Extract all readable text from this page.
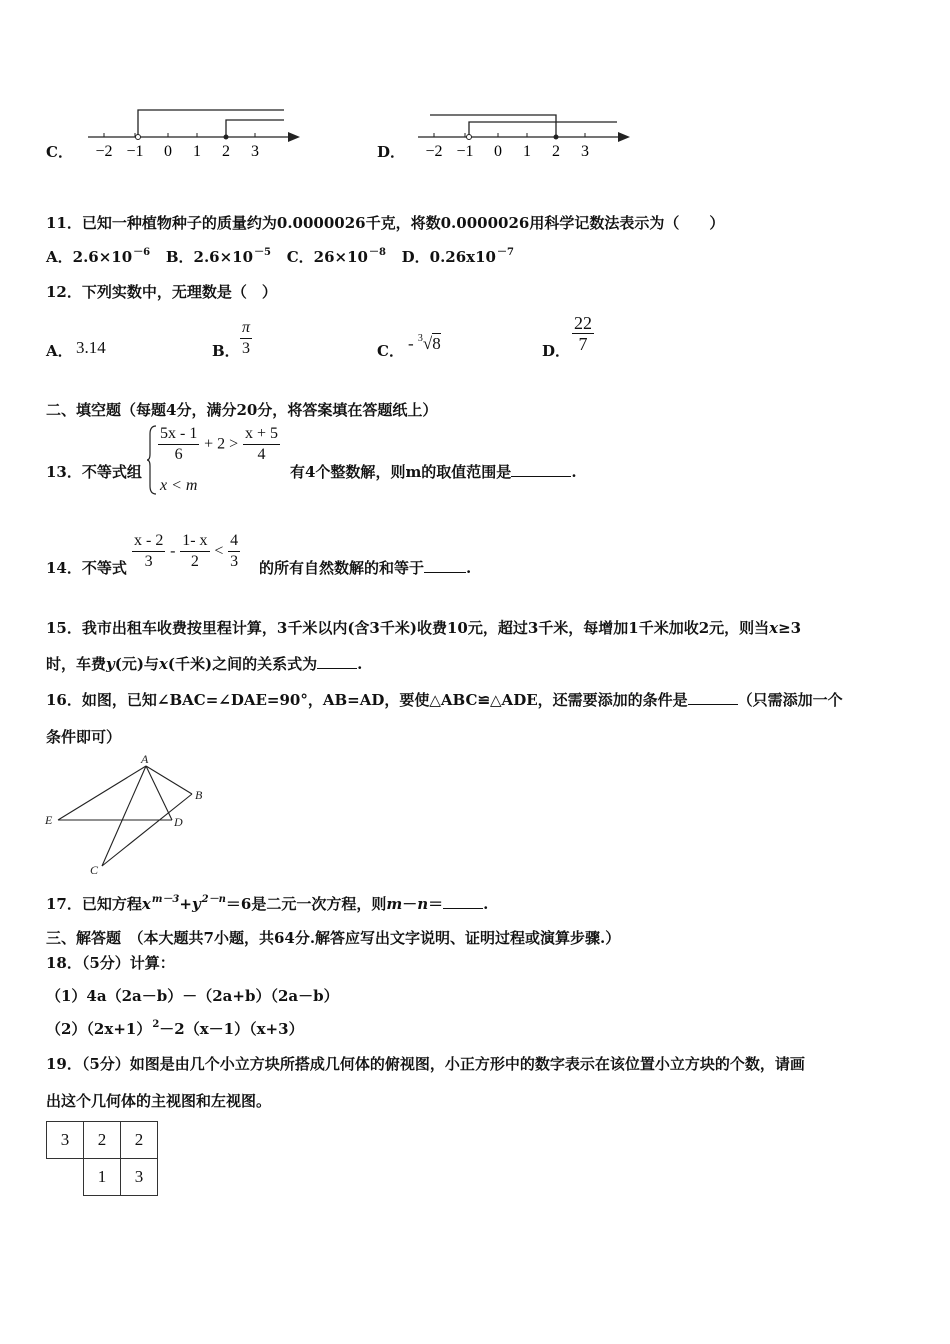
C． −2 −1 0 1 2 3	D． −2 −1 0 1 2 3
11．已知一种植物种子的质量约为0.0000026千克，将数0.0000026用科学记数法表示为（　　）
A．$2.6\times 10^{-6}$ B．$2.6\times 10^{-5}$ C．$26\times 10^{-8}$ D．$0.26x10^{-7}$
12．下列实数中，无理数是（　）
A． 3.14	B． $\frac{\pi}{3}$	C． - $^3$√8	D． $\frac{22}{7}$
二、填空题（每题4分，满分20分，将答案填在答题纸上）
13．不等式组
$\frac{5x - 1}{6} + 2 > \frac{x + 5}{4}$
x < m
有4个整数解，则m的取值范围是	.
14．不等式 $\frac{x - 2}{3} - \frac{1- x}{2} < \frac{4}{3}$ 的所有自然数解的和等于	.
15．我市出租车收费按里程计算，3千米以内(含3千米)收费10元，超过3千米，每增加1千米加收2元，则当x≥3
时，车费y(元)与x(千米)之间的关系式为	.
16．如图，已知∠BAC=∠DAE=90°，AB=AD，要使△ABC≌△ADE，还需要添加的条件是	（只需添加一个
条件即可）
A
B
E	D
C
17．已知方程$x^{m-3}+y^{2-n}=6$是二元一次方程，则m－n＝	.
三、解答题　（本大题共7小题，共64分.解答应写出文字说明、证明过程或演算步骤.）
18．（5分）计算：
（1）4a（2a－b）－（2a+b）（2a－b）
$(2)(2x+1)^2-2(x-1)(x+3)$
19．（5分）如图是由几个小立方块所搭成几何体的俯视图，小正方形中的数字表示在该位置小立方块的个数，请画
出这个几何体的主视图和左视图。
3	2	2
	1	3
